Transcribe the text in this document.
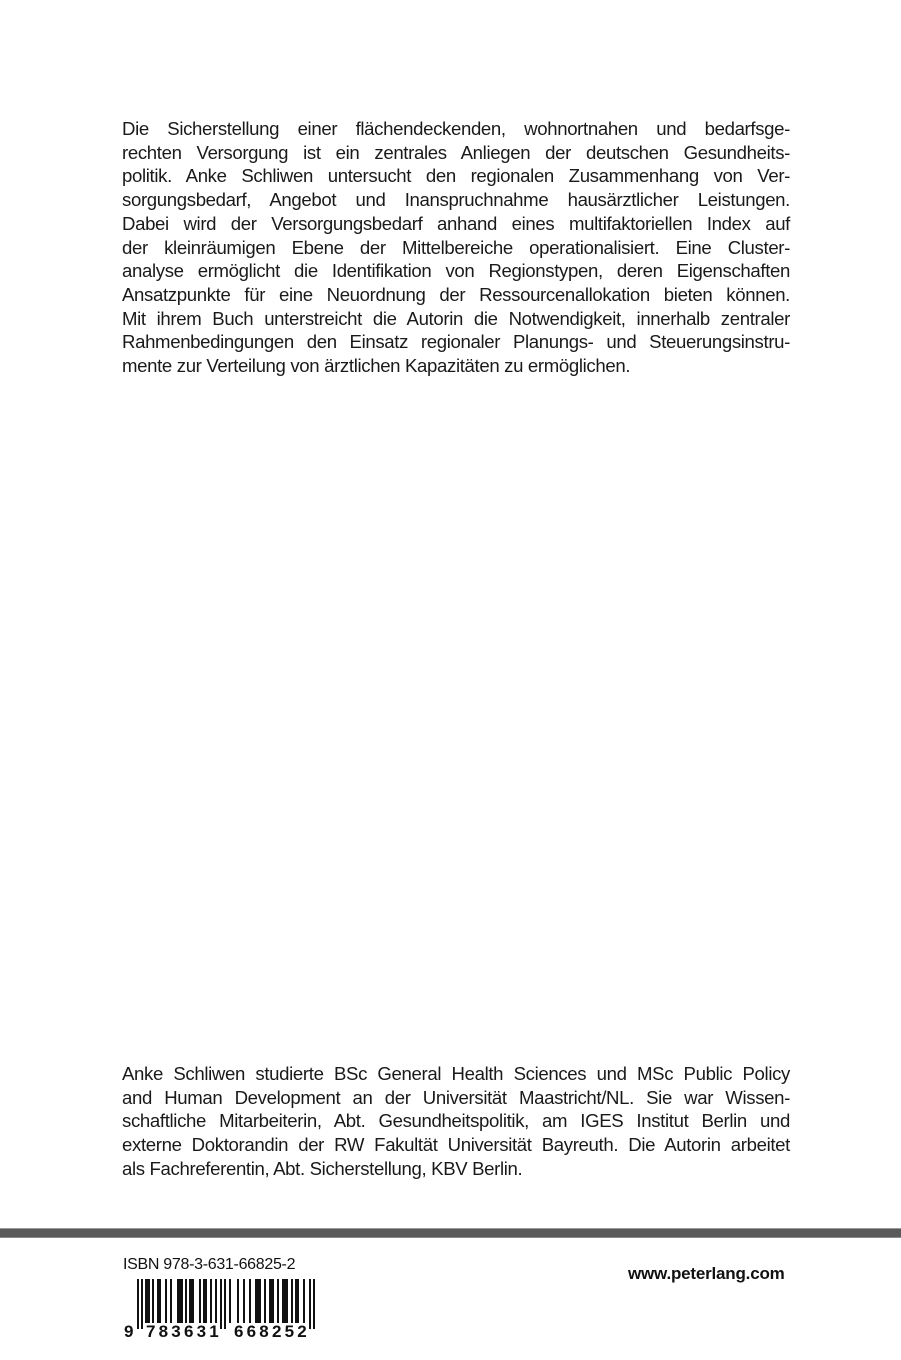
Die Sicherstellung einer flächendeckenden, wohnortnahen und bedarfsge-
rechten Versorgung ist ein zentrales Anliegen der deutschen Gesundheits-
politik. Anke Schliwen untersucht den regionalen Zusammenhang von Ver-
sorgungsbedarf, Angebot und Inanspruchnahme hausärztlicher Leistungen.
Dabei wird der Versorgungsbedarf anhand eines multifaktoriellen Index auf
der kleinräumigen Ebene der Mittelbereiche operationalisiert. Eine Cluster-
analyse ermöglicht die Identifikation von Regionstypen, deren Eigenschaften
Ansatzpunkte für eine Neuordnung der Ressourcenallokation bieten können.
Mit ihrem Buch unterstreicht die Autorin die Notwendigkeit, innerhalb zentraler
Rahmenbedingungen den Einsatz regionaler Planungs- und Steuerungsinstru-
mente zur Verteilung von ärztlichen Kapazitäten zu ermöglichen.
Anke Schliwen studierte BSc General Health Sciences und MSc Public Policy
and Human Development an der Universität Maastricht/NL. Sie war Wissen-
schaftliche Mitarbeiterin, Abt. Gesundheitspolitik, am IGES Institut Berlin und
externe Doktorandin der RW Fakultät Universität Bayreuth. Die Autorin arbeitet
als Fachreferentin, Abt. Sicherstellung, KBV Berlin.
ISBN 978-3-631-66825-2
9 783631 668252
www.peterlang.com
